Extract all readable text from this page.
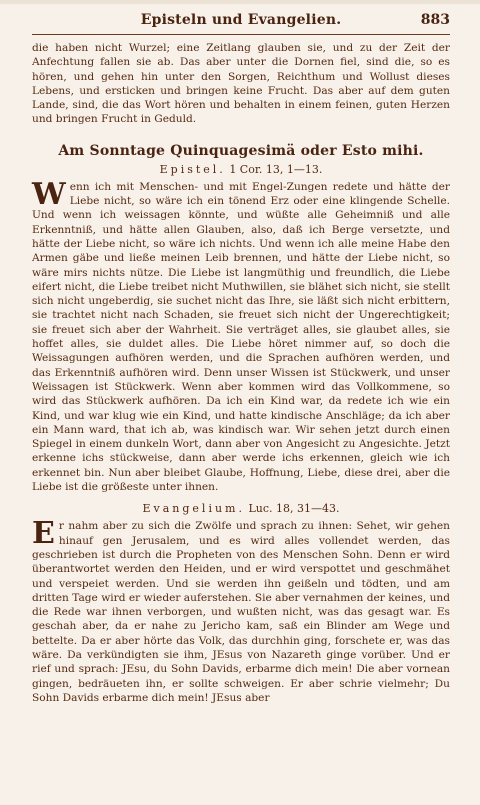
Episteln und Evangelien.	883

die haben nicht Wurzel; eine Zeitlang glauben sie, und zu der Zeit der Anfechtung fallen sie ab. Das aber unter die Dornen fiel, sind die, so es hören, und gehen hin unter den Sorgen, Reichthum und Wollust dieses Lebens, und ersticken und bringen keine Frucht. Das aber auf dem guten Lande, sind, die das Wort hören und behalten in einem feinen, guten Herzen und bringen Frucht in Geduld.

Am Sonntage Quinquagesimä oder Esto mihi.
Epistel. 1 Cor. 13, 1—13.

Wenn ich mit Menschen- und mit Engel-Zungen redete und hätte der Liebe nicht, so wäre ich ein tönend Erz oder eine klingende Schelle. Und wenn ich weissagen könnte, und wüßte alle Geheimniß und alle Erkenntniß, und hätte allen Glauben, also, daß ich Berge versetzte, und hätte der Liebe nicht, so wäre ich nichts. Und wenn ich alle meine Habe den Armen gäbe und ließe meinen Leib brennen, und hätte der Liebe nicht, so wäre mirs nichts nütze. Die Liebe ist langmüthig und freundlich, die Liebe eifert nicht, die Liebe treibet nicht Muthwillen, sie blähet sich nicht, sie stellt sich nicht ungeberdig, sie suchet nicht das Ihre, sie läßt sich nicht erbittern, sie trachtet nicht nach Schaden, sie freuet sich nicht der Ungerechtigkeit; sie freuet sich aber der Wahrheit. Sie verträget alles, sie glaubet alles, sie hoffet alles, sie duldet alles. Die Liebe höret nimmer auf, so doch die Weissagungen aufhören werden, und die Sprachen aufhören werden, und das Erkenntniß aufhören wird. Denn unser Wissen ist Stückwerk, und unser Weissagen ist Stückwerk. Wenn aber kommen wird das Vollkommene, so wird das Stückwerk aufhören. Da ich ein Kind war, da redete ich wie ein Kind, und war klug wie ein Kind, und hatte kindische Anschläge; da ich aber ein Mann ward, that ich ab, was kindisch war. Wir sehen jetzt durch einen Spiegel in einem dunkeln Wort, dann aber von Angesicht zu Angesichte. Jetzt erkenne ichs stückweise, dann aber werde ichs erkennen, gleich wie ich erkennet bin. Nun aber bleibet Glaube, Hoffnung, Liebe, diese drei, aber die Liebe ist die größeste unter ihnen.

Evangelium. Luc. 18, 31—43.

Er nahm aber zu sich die Zwölfe und sprach zu ihnen: Sehet, wir gehen hinauf gen Jerusalem, und es wird alles vollendet werden, das geschrieben ist durch die Propheten von des Menschen Sohn. Denn er wird überantwortet werden den Heiden, und er wird verspottet und geschmähet und verspeiet werden. Und sie werden ihn geißeln und tödten, und am dritten Tage wird er wieder auferstehen. Sie aber vernahmen der keines, und die Rede war ihnen verborgen, und wußten nicht, was das gesagt war. Es geschah aber, da er nahe zu Jericho kam, saß ein Blinder am Wege und bettelte. Da er aber hörte das Volk, das durchhin ging, forschete er, was das wäre. Da verkündigten sie ihm, JEsus von Nazareth ginge vorüber. Und er rief und sprach: JEsu, du Sohn Davids, erbarme dich mein! Die aber vornean gingen, bedräueten ihn, er sollte schweigen. Er aber schrie vielmehr; Du Sohn Davids erbarme dich mein! JEsus aber
